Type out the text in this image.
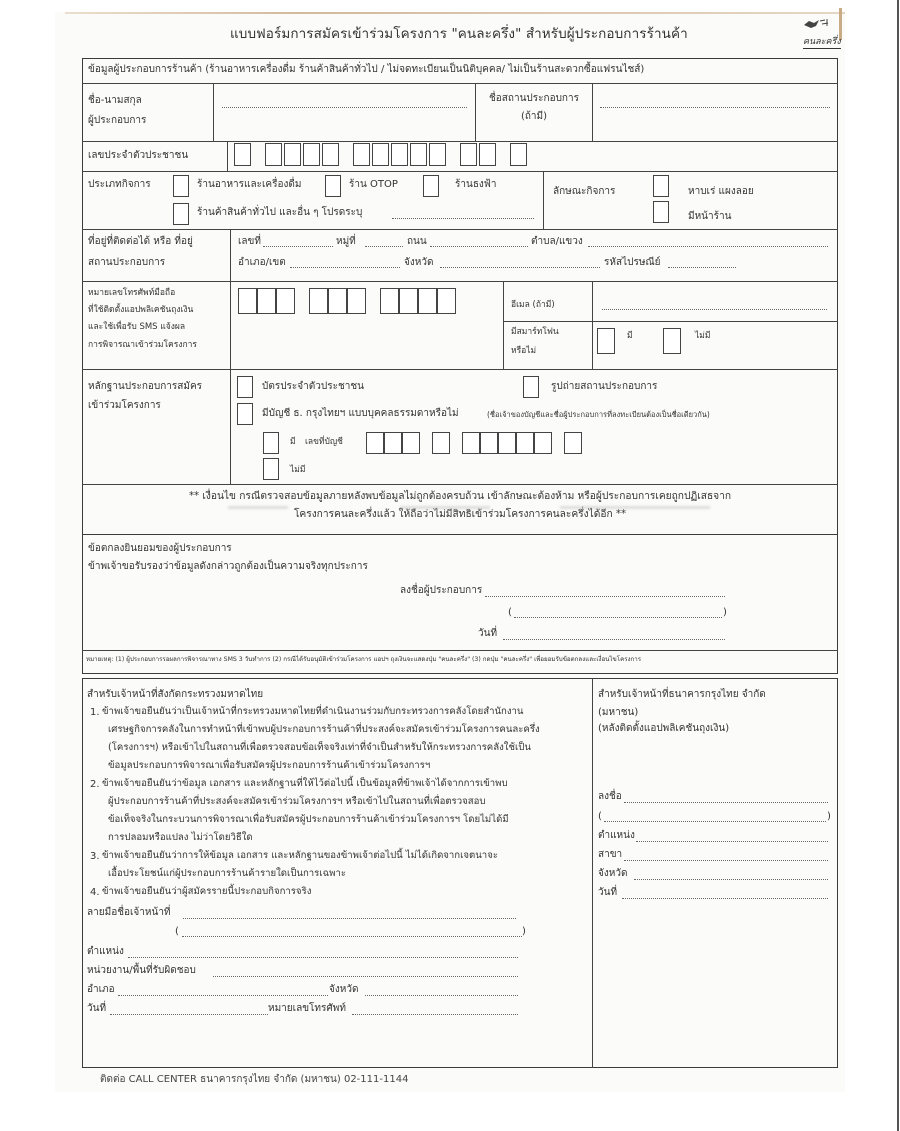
แบบฟอร์มการสมัครเข้าร่วมโครงการ "คนละครึ่ง" สำหรับผู้ประกอบการร้านค้า	คนละครึ่ง
ข้อมูลผู้ประกอบการร้านค้า (ร้านอาหารเครื่องดื่ม ร้านค้าสินค้าทั่วไป / ไม่จดทะเบียนเป็นนิติบุคคล/ ไม่เป็นร้านสะดวกซื้อแฟรนไชส์)
ชื่อ-นามสกุล
ผู้ประกอบการ
ชื่อสถานประกอบการ
(ถ้ามี)
เลขประจำตัวประชาชน
ประเภทกิจการ	ร้านอาหารและเครื่องดื่ม	ร้าน OTOP	ร้านธงฟ้า
ร้านค้าสินค้าทั่วไป และอื่น ๆ โปรดระบุ
ลักษณะกิจการ	หาบเร่ แผงลอย
มีหน้าร้าน
ที่อยู่ที่ติดต่อได้ หรือ ที่อยู่
สถานประกอบการ
เลขที่	หมู่ที่	ถนน	ตำบล/แขวง
อำเภอ/เขต	จังหวัด	รหัสไปรษณีย์
หมายเลขโทรศัพท์มือถือ
ที่ใช้ติดตั้งแอปพลิเคชันถุงเงิน
และใช้เพื่อรับ SMS แจ้งผล
การพิจารณาเข้าร่วมโครงการ
อีเมล (ถ้ามี)
มีสมาร์ทโฟน
หรือไม่
มี	ไม่มี
หลักฐานประกอบการสมัคร
เข้าร่วมโครงการ
บัตรประจำตัวประชาชน	รูปถ่ายสถานประกอบการ
มีบัญชี ธ. กรุงไทยฯ แบบบุคคลธรรมดาหรือไม่	(ชื่อเจ้าของบัญชีและชื่อผู้ประกอบการที่ลงทะเบียนต้องเป็นชื่อเดียวกัน)
มี เลขที่บัญชี
ไม่มี
** เงื่อนไข กรณีตรวจสอบข้อมูลภายหลังพบข้อมูลไม่ถูกต้องครบถ้วน เข้าลักษณะต้องห้าม หรือผู้ประกอบการเคยถูกปฏิเสธจาก
โครงการคนละครึ่งแล้ว ให้ถือว่าไม่มีสิทธิเข้าร่วมโครงการคนละครึ่งได้อีก **
ข้อตกลงยินยอมของผู้ประกอบการ
ข้าพเจ้าขอรับรองว่าข้อมูลดังกล่าวถูกต้องเป็นความจริงทุกประการ
ลงชื่อผู้ประกอบการ
(	)
วันที่
หมายเหตุ: (1) ผู้ประกอบการรอผลการพิจารณาทาง SMS 3 วันทำการ (2) กรณีได้รับอนุมัติเข้าร่วมโครงการ แอปฯ ถุงเงินจะแสดงปุ่ม "คนละครึ่ง" (3) กดปุ่ม "คนละครึ่ง" เพื่อยอมรับข้อตกลงและเงื่อนไขโครงการ
สำหรับเจ้าหน้าที่สังกัดกระทรวงมหาดไทย
1. ข้าพเจ้าขอยืนยันว่าเป็นเจ้าหน้าที่กระทรวงมหาดไทยที่ดำเนินงานร่วมกับกระทรวงการคลังโดยสำนักงาน
เศรษฐกิจการคลังในการทำหน้าที่เข้าพบผู้ประกอบการร้านค้าที่ประสงค์จะสมัครเข้าร่วมโครงการคนละครึ่ง
(โครงการฯ) หรือเข้าไปในสถานที่เพื่อตรวจสอบข้อเท็จจริงเท่าที่จำเป็นสำหรับให้กระทรวงการคลังใช้เป็น
ข้อมูลประกอบการพิจารณาเพื่อรับสมัครผู้ประกอบการร้านค้าเข้าร่วมโครงการฯ
2. ข้าพเจ้าขอยืนยันว่าข้อมูล เอกสาร และหลักฐานที่ให้ไว้ต่อไปนี้ เป็นข้อมูลที่ข้าพเจ้าได้จากการเข้าพบ
ผู้ประกอบการร้านค้าที่ประสงค์จะสมัครเข้าร่วมโครงการฯ หรือเข้าไปในสถานที่เพื่อตรวจสอบ
ข้อเท็จจริงในกระบวนการพิจารณาเพื่อรับสมัครผู้ประกอบการร้านค้าเข้าร่วมโครงการฯ โดยไม่ได้มี
การปลอมหรือแปลง ไม่ว่าโดยวิธีใด
3. ข้าพเจ้าขอยืนยันว่าการให้ข้อมูล เอกสาร และหลักฐานของข้าพเจ้าต่อไปนี้ ไม่ได้เกิดจากเจตนาจะ
เอื้อประโยชน์แก่ผู้ประกอบการร้านค้ารายใดเป็นการเฉพาะ
4. ข้าพเจ้าขอยืนยันว่าผู้สมัครรายนี้ประกอบกิจการจริง
ลายมือชื่อเจ้าหน้าที่
(	)
ตำแหน่ง
หน่วยงาน/พื้นที่รับผิดชอบ
อำเภอ	จังหวัด
วันที่	หมายเลขโทรศัพท์
สำหรับเจ้าหน้าที่ธนาคารกรุงไทย จำกัด
(มหาชน)
(หลังติดตั้งแอปพลิเคชันถุงเงิน)
ลงชื่อ
(	)
ตำแหน่ง
สาขา
จังหวัด
วันที่
ติดต่อ CALL CENTER ธนาคารกรุงไทย จำกัด (มหาชน) 02-111-1144
